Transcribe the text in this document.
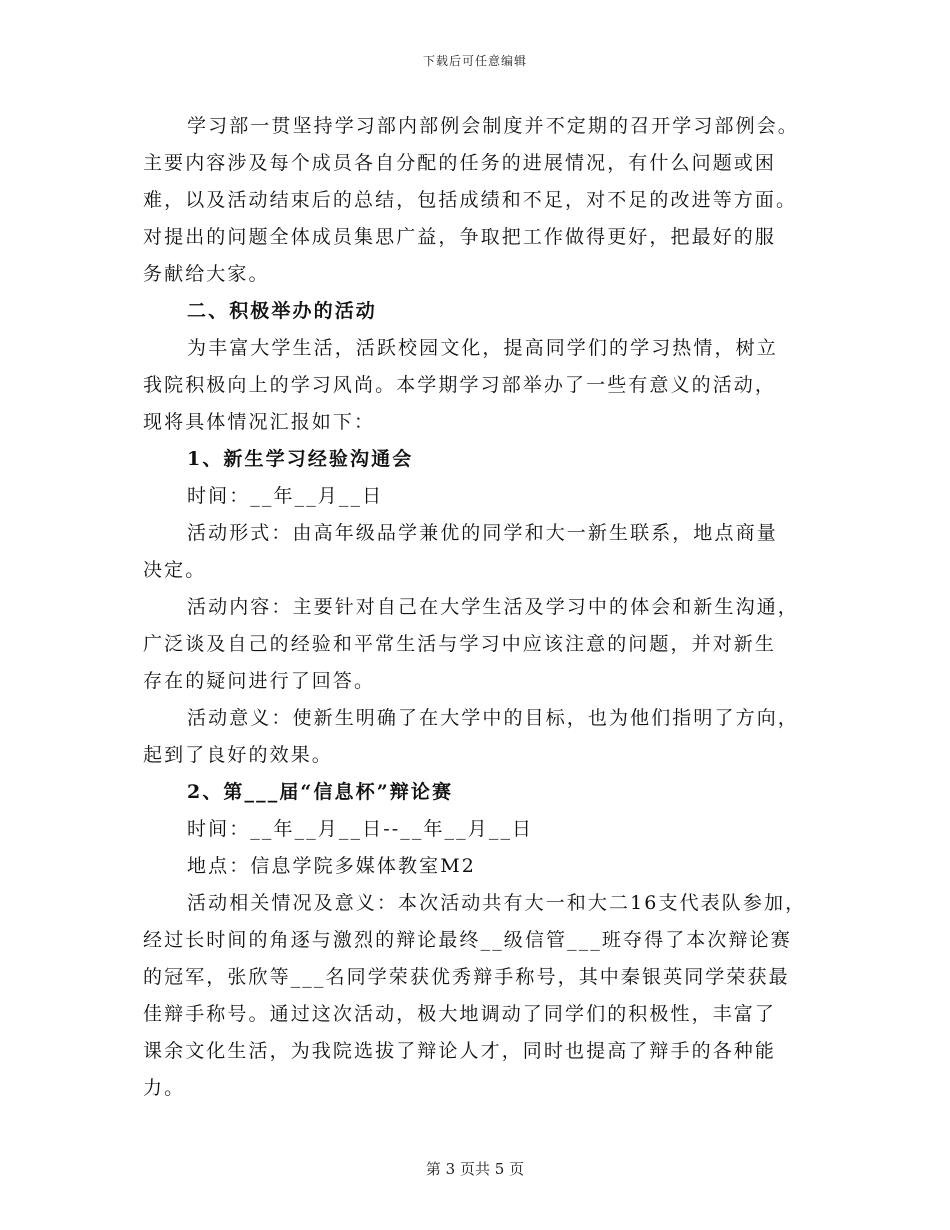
下载后可任意编辑
学习部一贯坚持学习部内部例会制度并不定期的召开学习部例会。
主要内容涉及每个成员各自分配的任务的进展情况，有什么问题或困
难，以及活动结束后的总结，包括成绩和不足，对不足的改进等方面。
对提出的问题全体成员集思广益，争取把工作做得更好，把最好的服
务献给大家。
二、积极举办的活动
为丰富大学生活，活跃校园文化，提高同学们的学习热情，树立
我院积极向上的学习风尚。本学期学习部举办了一些有意义的活动，
现将具体情况汇报如下：
1、新生学习经验沟通会
时间：__年__月__日
活动形式：由高年级品学兼优的同学和大一新生联系，地点商量
决定。
活动内容：主要针对自己在大学生活及学习中的体会和新生沟通，
广泛谈及自己的经验和平常生活与学习中应该注意的问题，并对新生
存在的疑问进行了回答。
活动意义：使新生明确了在大学中的目标，也为他们指明了方向，
起到了良好的效果。
2、第___届“信息杯”辩论赛
时间：__年__月__日--__年__月__日
地点：信息学院多媒体教室M2
活动相关情况及意义：本次活动共有大一和大二16支代表队参加，
经过长时间的角逐与激烈的辩论最终__级信管___班夺得了本次辩论赛
的冠军，张欣等___名同学荣获优秀辩手称号，其中秦银英同学荣获最
佳辩手称号。通过这次活动，极大地调动了同学们的积极性，丰富了
课余文化生活，为我院选拔了辩论人才，同时也提高了辩手的各种能
力。
第 3 页共 5 页
